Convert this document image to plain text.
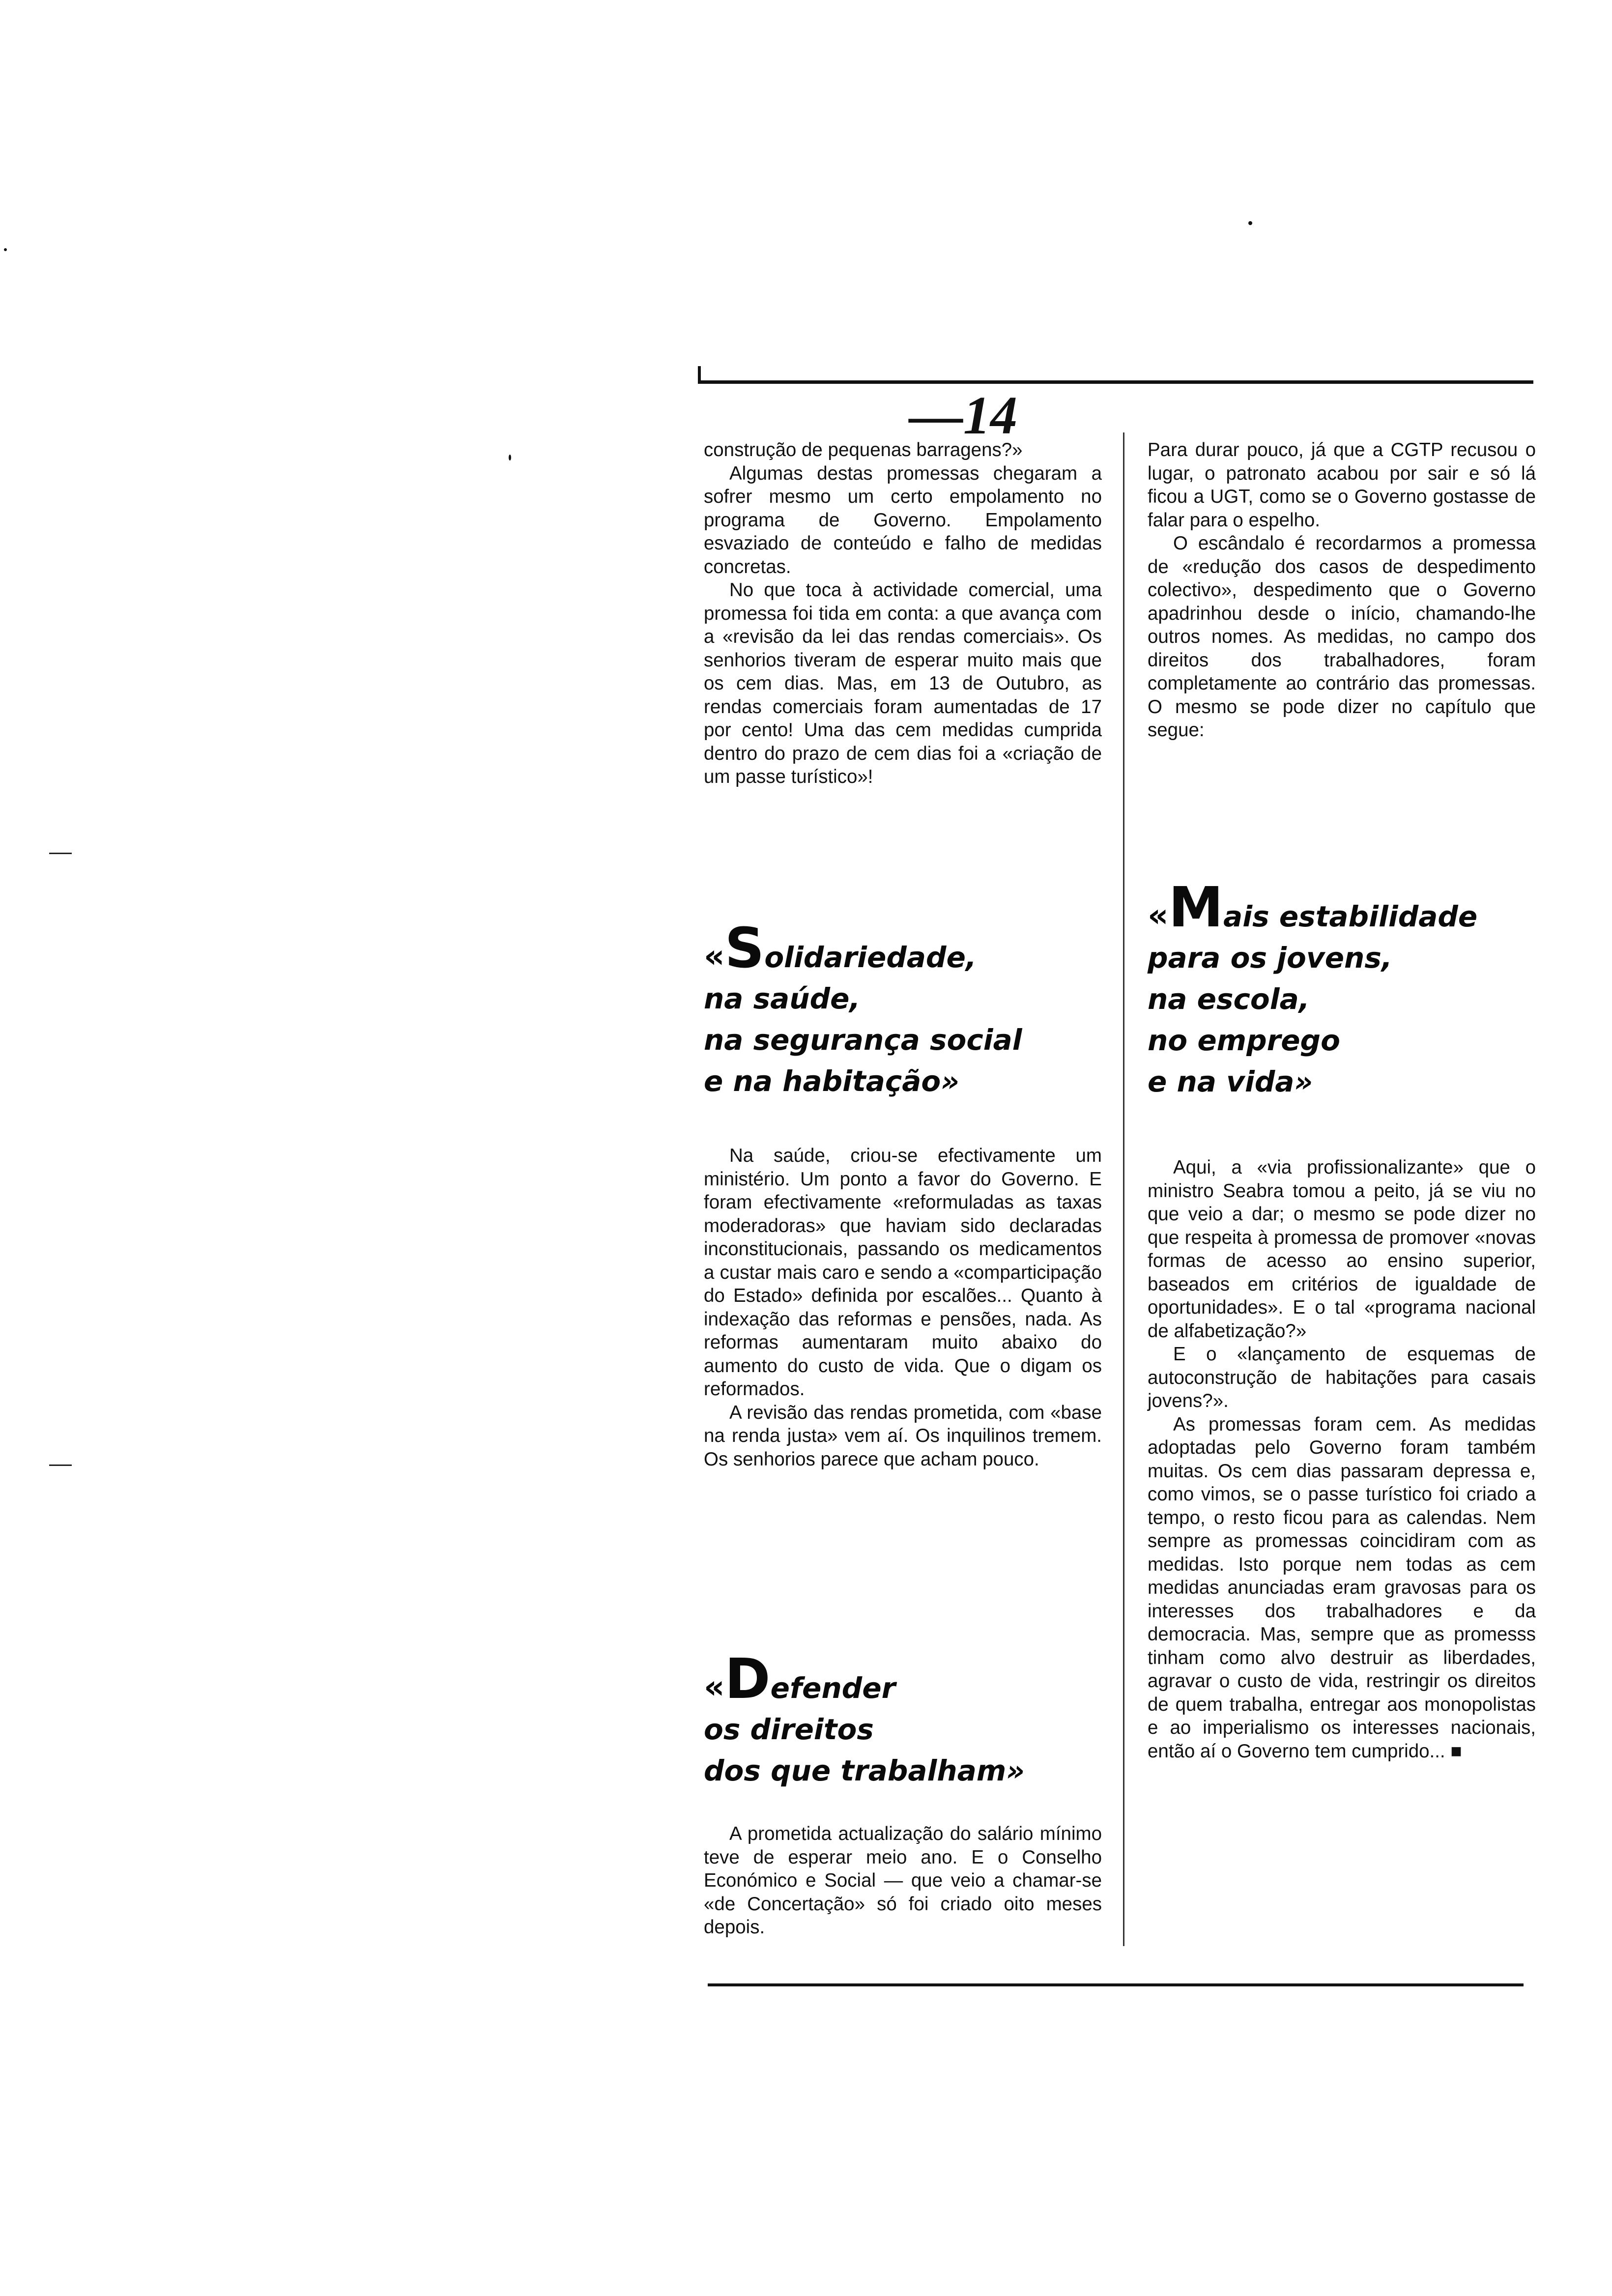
—14

construção de pequenas barragens?»

Algumas destas promessas chegaram a sofrer mesmo um certo empolamento no programa de Governo. Empolamento esvaziado de conteúdo e falho de medidas concretas.

No que toca à actividade comercial, uma promessa foi tida em conta: a que avança com a «revisão da lei das rendas comerciais». Os senhorios tiveram de esperar muito mais que os cem dias. Mas, em 13 de Outubro, as rendas comerciais foram aumentadas de 17 por cento! Uma das cem medidas cumprida dentro do prazo de cem dias foi a «criação de um passe turístico»!

«Solidariedade,
na saúde,
na segurança social
e na habitação»

Na saúde, criou-se efectivamente um ministério. Um ponto a favor do Governo. E foram efectivamente «reformuladas as taxas moderadoras» que haviam sido declaradas inconstitucionais, passando os medicamentos a custar mais caro e sendo a «comparticipação do Estado» definida por escalões... Quanto à indexação das reformas e pensões, nada. As reformas aumentaram muito abaixo do aumento do custo de vida. Que o digam os reformados.

A revisão das rendas prometida, com «base na renda justa» vem aí. Os inquilinos tremem. Os senhorios parece que acham pouco.

«Defender
os direitos
dos que trabalham»

A prometida actualização do salário mínimo teve de esperar meio ano. E o Conselho Económico e Social — que veio a chamar-se «de Concertação» só foi criado oito meses depois.

Para durar pouco, já que a CGTP recusou o lugar, o patronato acabou por sair e só lá ficou a UGT, como se o Governo gostasse de falar para o espelho.

O escândalo é recordarmos a promessa de «redução dos casos de despedimento colectivo», despedimento que o Governo apadrinhou desde o início, chamando-lhe outros nomes. As medidas, no campo dos direitos dos trabalhadores, foram completamente ao contrário das promessas. O mesmo se pode dizer no capítulo que segue:

«Mais estabilidade
para os jovens,
na escola,
no emprego
e na vida»

Aqui, a «via profissionalizante» que o ministro Seabra tomou a peito, já se viu no que veio a dar; o mesmo se pode dizer no que respeita à promessa de promover «novas formas de acesso ao ensino superior, baseados em critérios de igualdade de oportunidades». E o tal «programa nacional de alfabetização?»

E o «lançamento de esquemas de autoconstrução de habitações para casais jovens?».

As promessas foram cem. As medidas adoptadas pelo Governo foram também muitas. Os cem dias passaram depressa e, como vimos, se o passe turístico foi criado a tempo, o resto ficou para as calendas. Nem sempre as promessas coincidiram com as medidas. Isto porque nem todas as cem medidas anunciadas eram gravosas para os interesses dos trabalhadores e da democracia. Mas, sempre que as promesss tinham como alvo destruir as liberdades, agravar o custo de vida, restringir os direitos de quem trabalha, entregar aos monopolistas e ao imperialismo os interesses nacionais, então aí o Governo tem cumprido... ■
